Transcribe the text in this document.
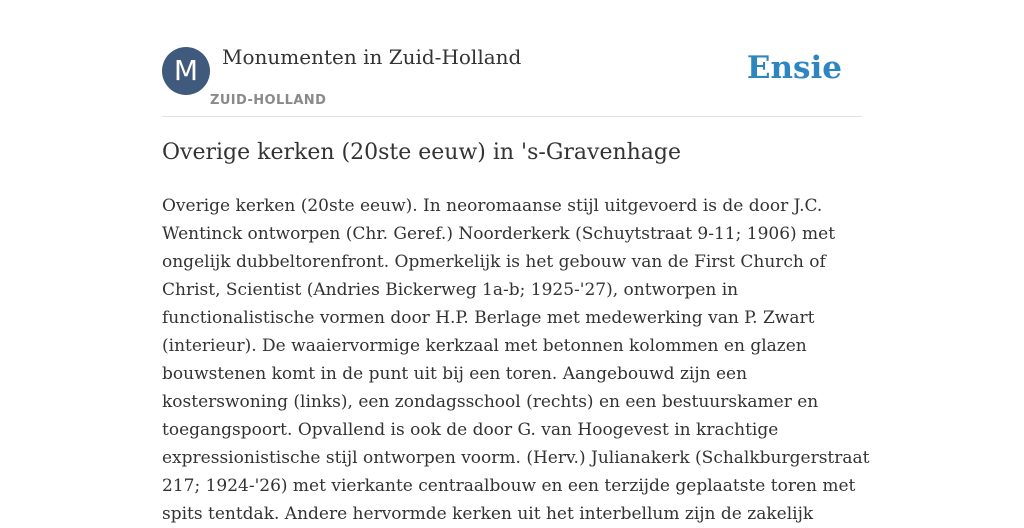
M	Monumenten in Zuid-Holland
ZUID-HOLLAND
Ensie
Overige kerken (20ste eeuw) in 's-Gravenhage

Overige kerken (20ste eeuw). In neoromaanse stijl uitgevoerd is de door J.C.
Wentinck ontworpen (Chr. Geref.) Noorderkerk (Schuytstraat 9-11; 1906) met
ongelijk dubbeltorenfront. Opmerkelijk is het gebouw van de First Church of
Christ, Scientist (Andries Bickerweg 1a-b; 1925-'27), ontworpen in
functionalistische vormen door H.P. Berlage met medewerking van P. Zwart
(interieur). De waaiervormige kerkzaal met betonnen kolommen en glazen
bouwstenen komt in de punt uit bij een toren. Aangebouwd zijn een
kosterswoning (links), een zondagsschool (rechts) en een bestuurskamer en
toegangspoort. Opvallend is ook de door G. van Hoogevest in krachtige
expressionistische stijl ontworpen voorm. (Herv.) Julianakerk (Schalkburgerstraat
217; 1924-'26) met vierkante centraalbouw en een terzijde geplaatste toren met
spits tentdak. Andere hervormde kerken uit het interbellum zijn de zakelijk
